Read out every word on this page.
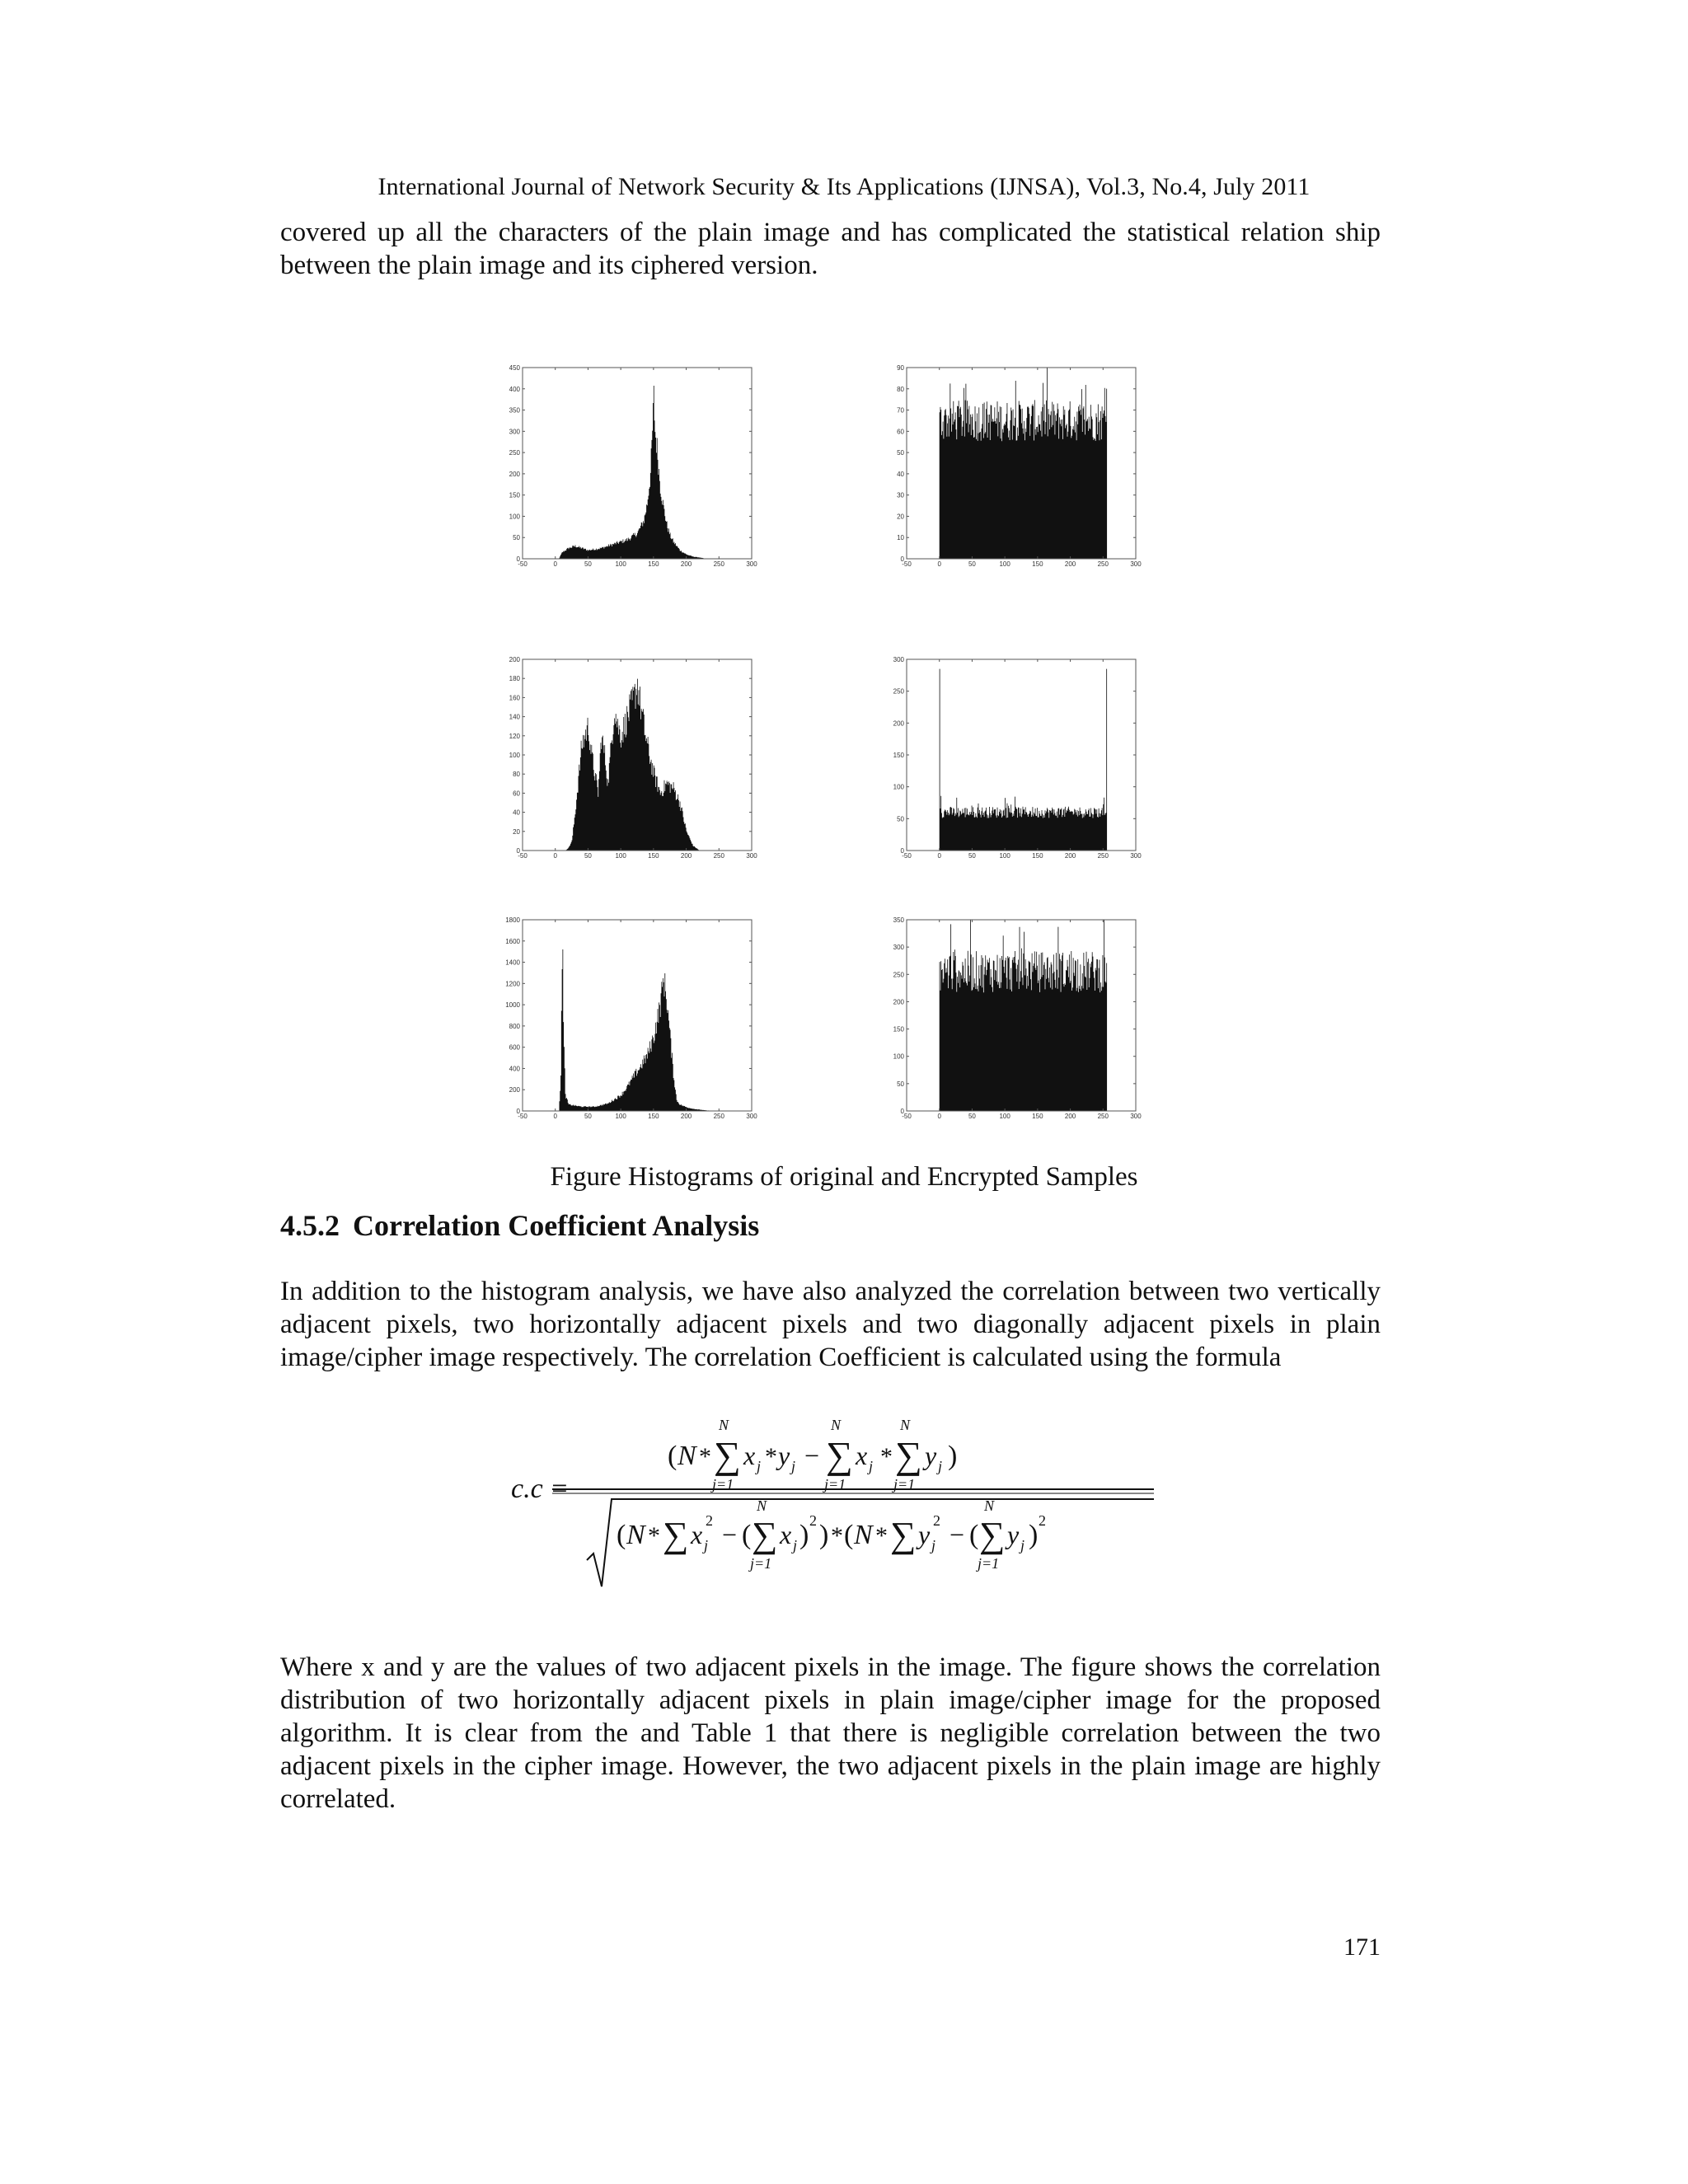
International Journal of Network Security & Its Applications (IJNSA), Vol.3, No.4, July 2011
covered up all the characters of the plain image and has complicated the statistical relation ship between the plain image and its ciphered version.
-50	0	50	100	150	200	250	300
0
50
100
150
200
250
300
350
400
450
-50	0	50	100	150	200	250	300
0
10
20
30
40
50
60
70
80
90
-50	0	50	100	150	200	250	300
0
20
40
60
80
100
120
140
160
180
200
-50	0	50	100	150	200	250	300
0
50
100
150
200
250
300
-50	0	50	100	150	200	250	300
0
200
400
600
800
1000
1200
1400
1600
1800
-50	0	50	100	150	200	250	300
0
50
100
150
200
250
300
350
Figure Histograms of original and Encrypted Samples
4.5.2 Correlation Coefficient Analysis
In addition to the histogram analysis, we have also analyzed the correlation between two vertically adjacent pixels, two horizontally adjacent pixels and two diagonally adjacent pixels in plain image/cipher image respectively. The correlation Coefficient is calculated using the formula
c.c =
( N * ∑
N
j=1
x j * y j − ∑
N
j=1
x j * ∑
N
j=1
y j )
( N * ∑ x j
2 − ( ∑
N
j=1
x j ) 2 ) * ( N * ∑ y j
2 − ( ∑
N
j=1
y j ) 2
Where x and y are the values of two adjacent pixels in the image. The figure shows the correlation distribution of two horizontally adjacent pixels in plain image/cipher image for the proposed algorithm. It is clear from the and Table 1 that there is negligible correlation between the two adjacent pixels in the cipher image. However, the two adjacent pixels in the plain image are highly correlated.
171
